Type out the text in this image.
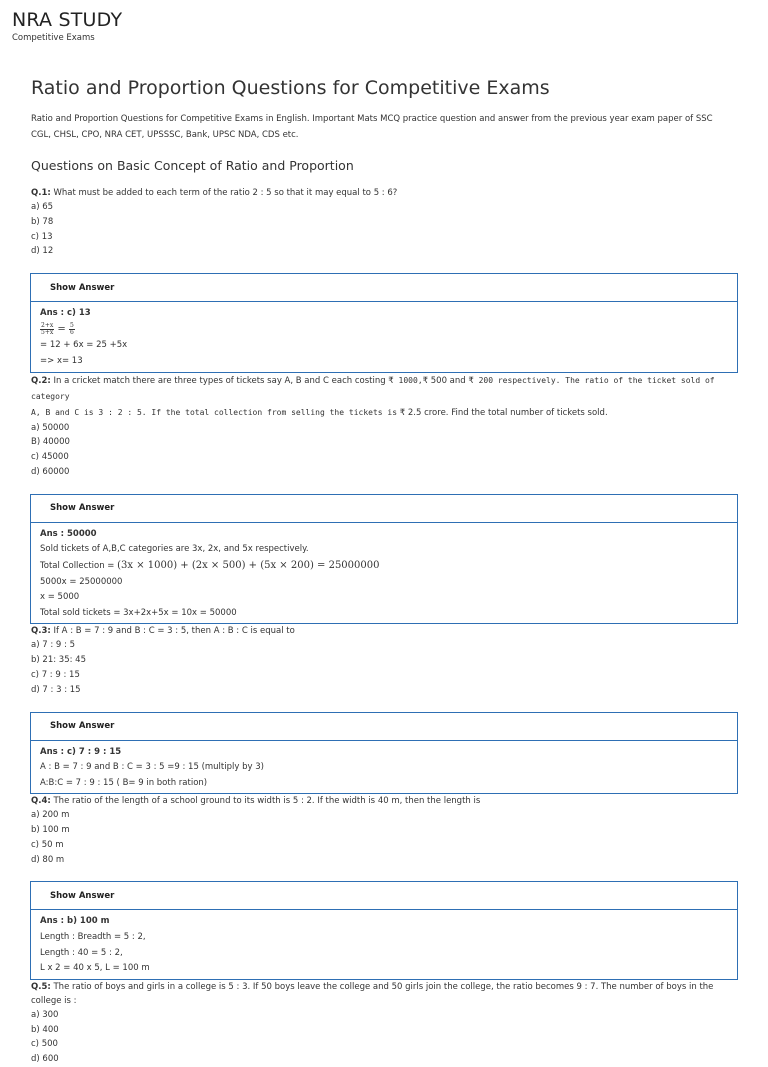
NRA STUDY
Competitive Exams
Ratio and Proportion Questions for Competitive Exams
Ratio and Proportion Questions for Competitive Exams in English. Important Mats MCQ practice question and answer from the previous year exam paper of SSC CGL, CHSL, CPO, NRA CET, UPSSSC, Bank, UPSC NDA, CDS etc.
Questions on Basic Concept of Ratio and Proportion
Q.1: What must be added to each term of the ratio 2 : 5 so that it may equal to 5 : 6?
a) 65
b) 78
c) 13
d) 12
Show Answer
Ans : c) 13
$\frac{2+x}{5+x} = \frac{5}{6}$
= 12 + 6x = 25 +5x
=> x= 13
Q.2: In a cricket match there are three types of tickets say A, B and C each costing ₹ 1000,₹ 500 and ₹ 200 respectively. The ratio of the ticket sold of category
A, B and C is 3 : 2 : 5. If the total collection from selling the tickets is ₹ 2.5 crore. Find the total number of tickets sold.
a) 50000
B) 40000
c) 45000
d) 60000
Show Answer
Ans : 50000
Sold tickets of A,B,C categories are 3x, 2x, and 5x respectively.
Total Collection = (3x × 1000) + (2x × 500) + (5x × 200) = 25000000
5000x = 25000000
x = 5000
Total sold tickets = 3x+2x+5x = 10x = 50000
Q.3: If A : B = 7 : 9 and B : C = 3 : 5, then A : B : C is equal to
a) 7 : 9 : 5
b) 21: 35: 45
c) 7 : 9 : 15
d) 7 : 3 : 15
Show Answer
Ans : c) 7 : 9 : 15
A : B = 7 : 9 and B : C = 3 : 5 =9 : 15 (multiply by 3)
A:B:C = 7 : 9 : 15 ( B= 9 in both ration)
Q.4: The ratio of the length of a school ground to its width is 5 : 2. If the width is 40 m, then the length is
a) 200 m
b) 100 m
c) 50 m
d) 80 m
Show Answer
Ans : b) 100 m
Length : Breadth = 5 : 2,
Length : 40 = 5 : 2,
L x 2 = 40 x 5, L = 100 m
Q.5: The ratio of boys and girls in a college is 5 : 3. If 50 boys leave the college and 50 girls join the college, the ratio becomes 9 : 7. The number of boys in the college is :
a) 300
b) 400
c) 500
d) 600
